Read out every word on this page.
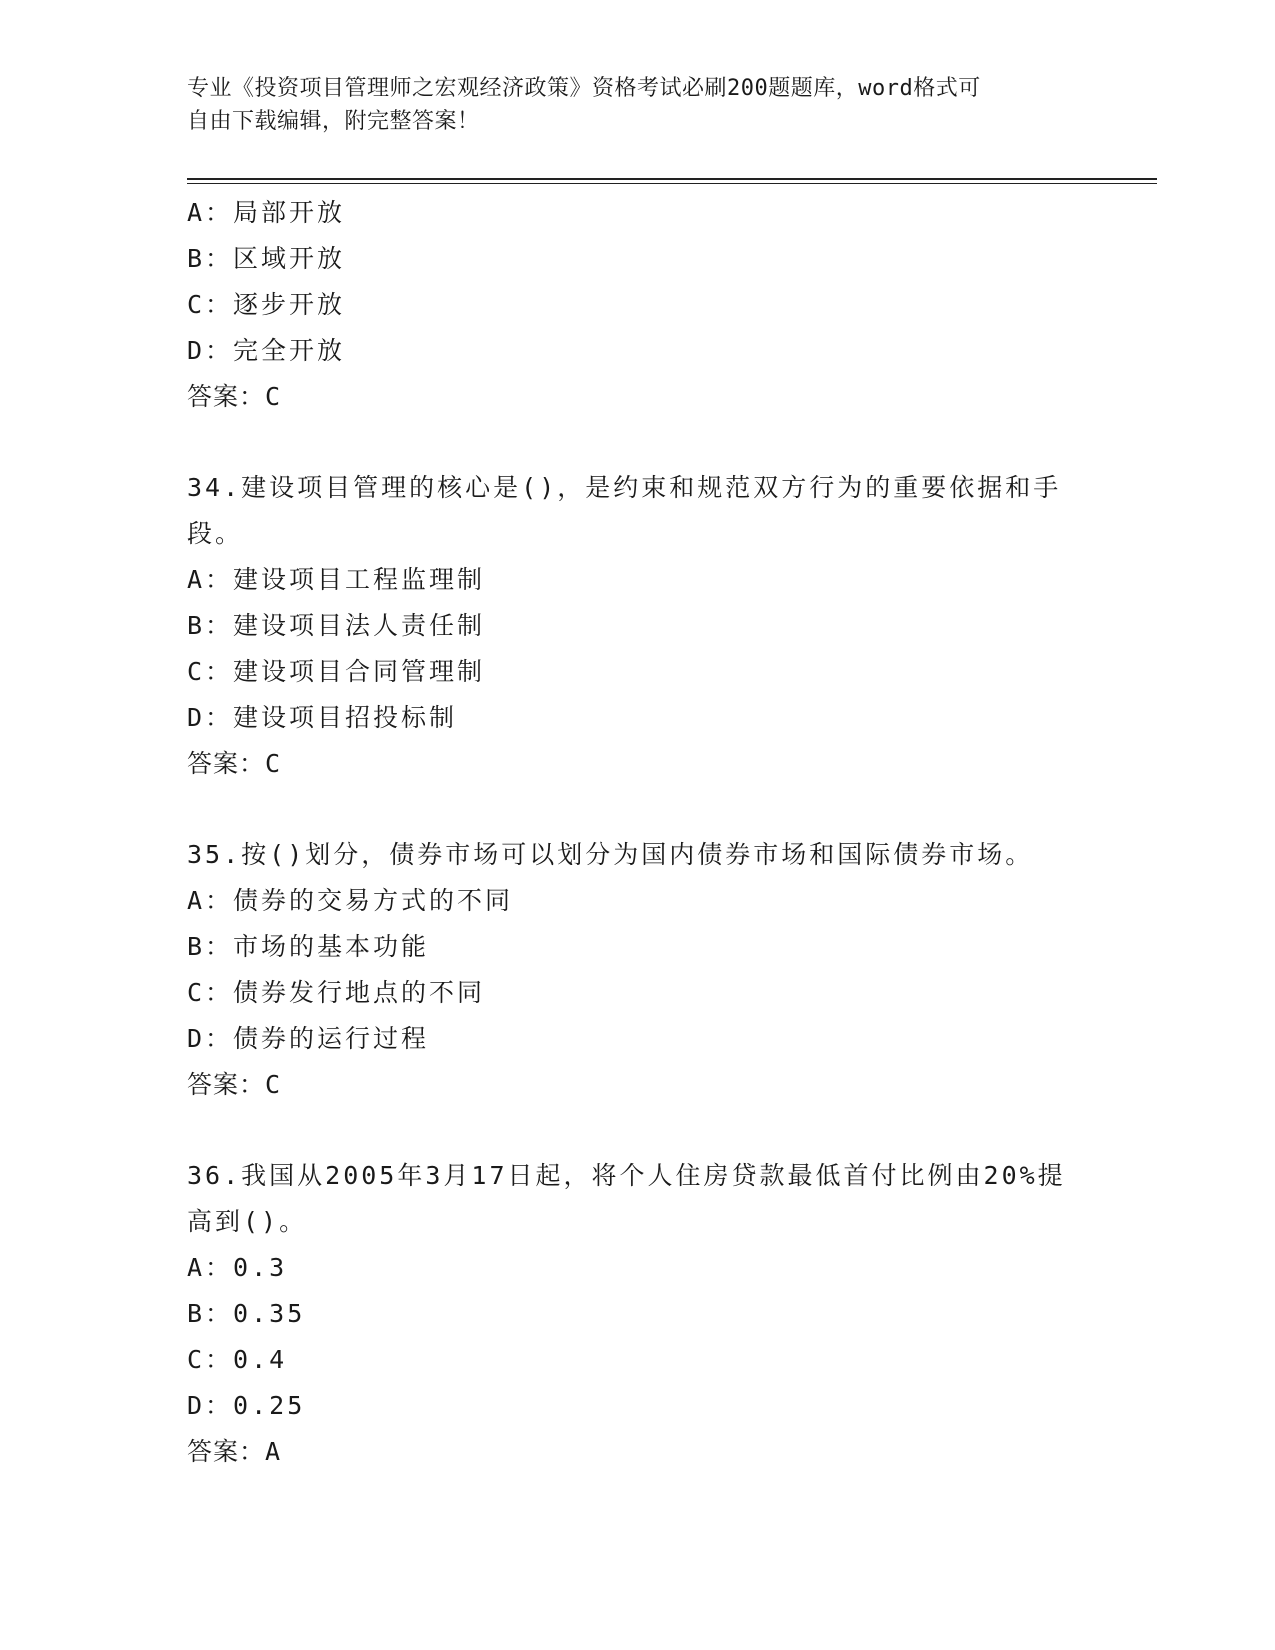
专业《投资项目管理师之宏观经济政策》资格考试必刷200题题库，word格式可
自由下载编辑，附完整答案！
A：局部开放
B：区域开放
C：逐步开放
D：完全开放
答案：C
34.建设项目管理的核心是()，是约束和规范双方行为的重要依据和手段。
A：建设项目工程监理制
B：建设项目法人责任制
C：建设项目合同管理制
D：建设项目招投标制
答案：C
35.按()划分，债券市场可以划分为国内债券市场和国际债券市场。
A：债券的交易方式的不同
B：市场的基本功能
C：债券发行地点的不同
D：债券的运行过程
答案：C
36.我国从2005年3月17日起，将个人住房贷款最低首付比例由20%提高到()。
A：0.3
B：0.35
C：0.4
D：0.25
答案：A
